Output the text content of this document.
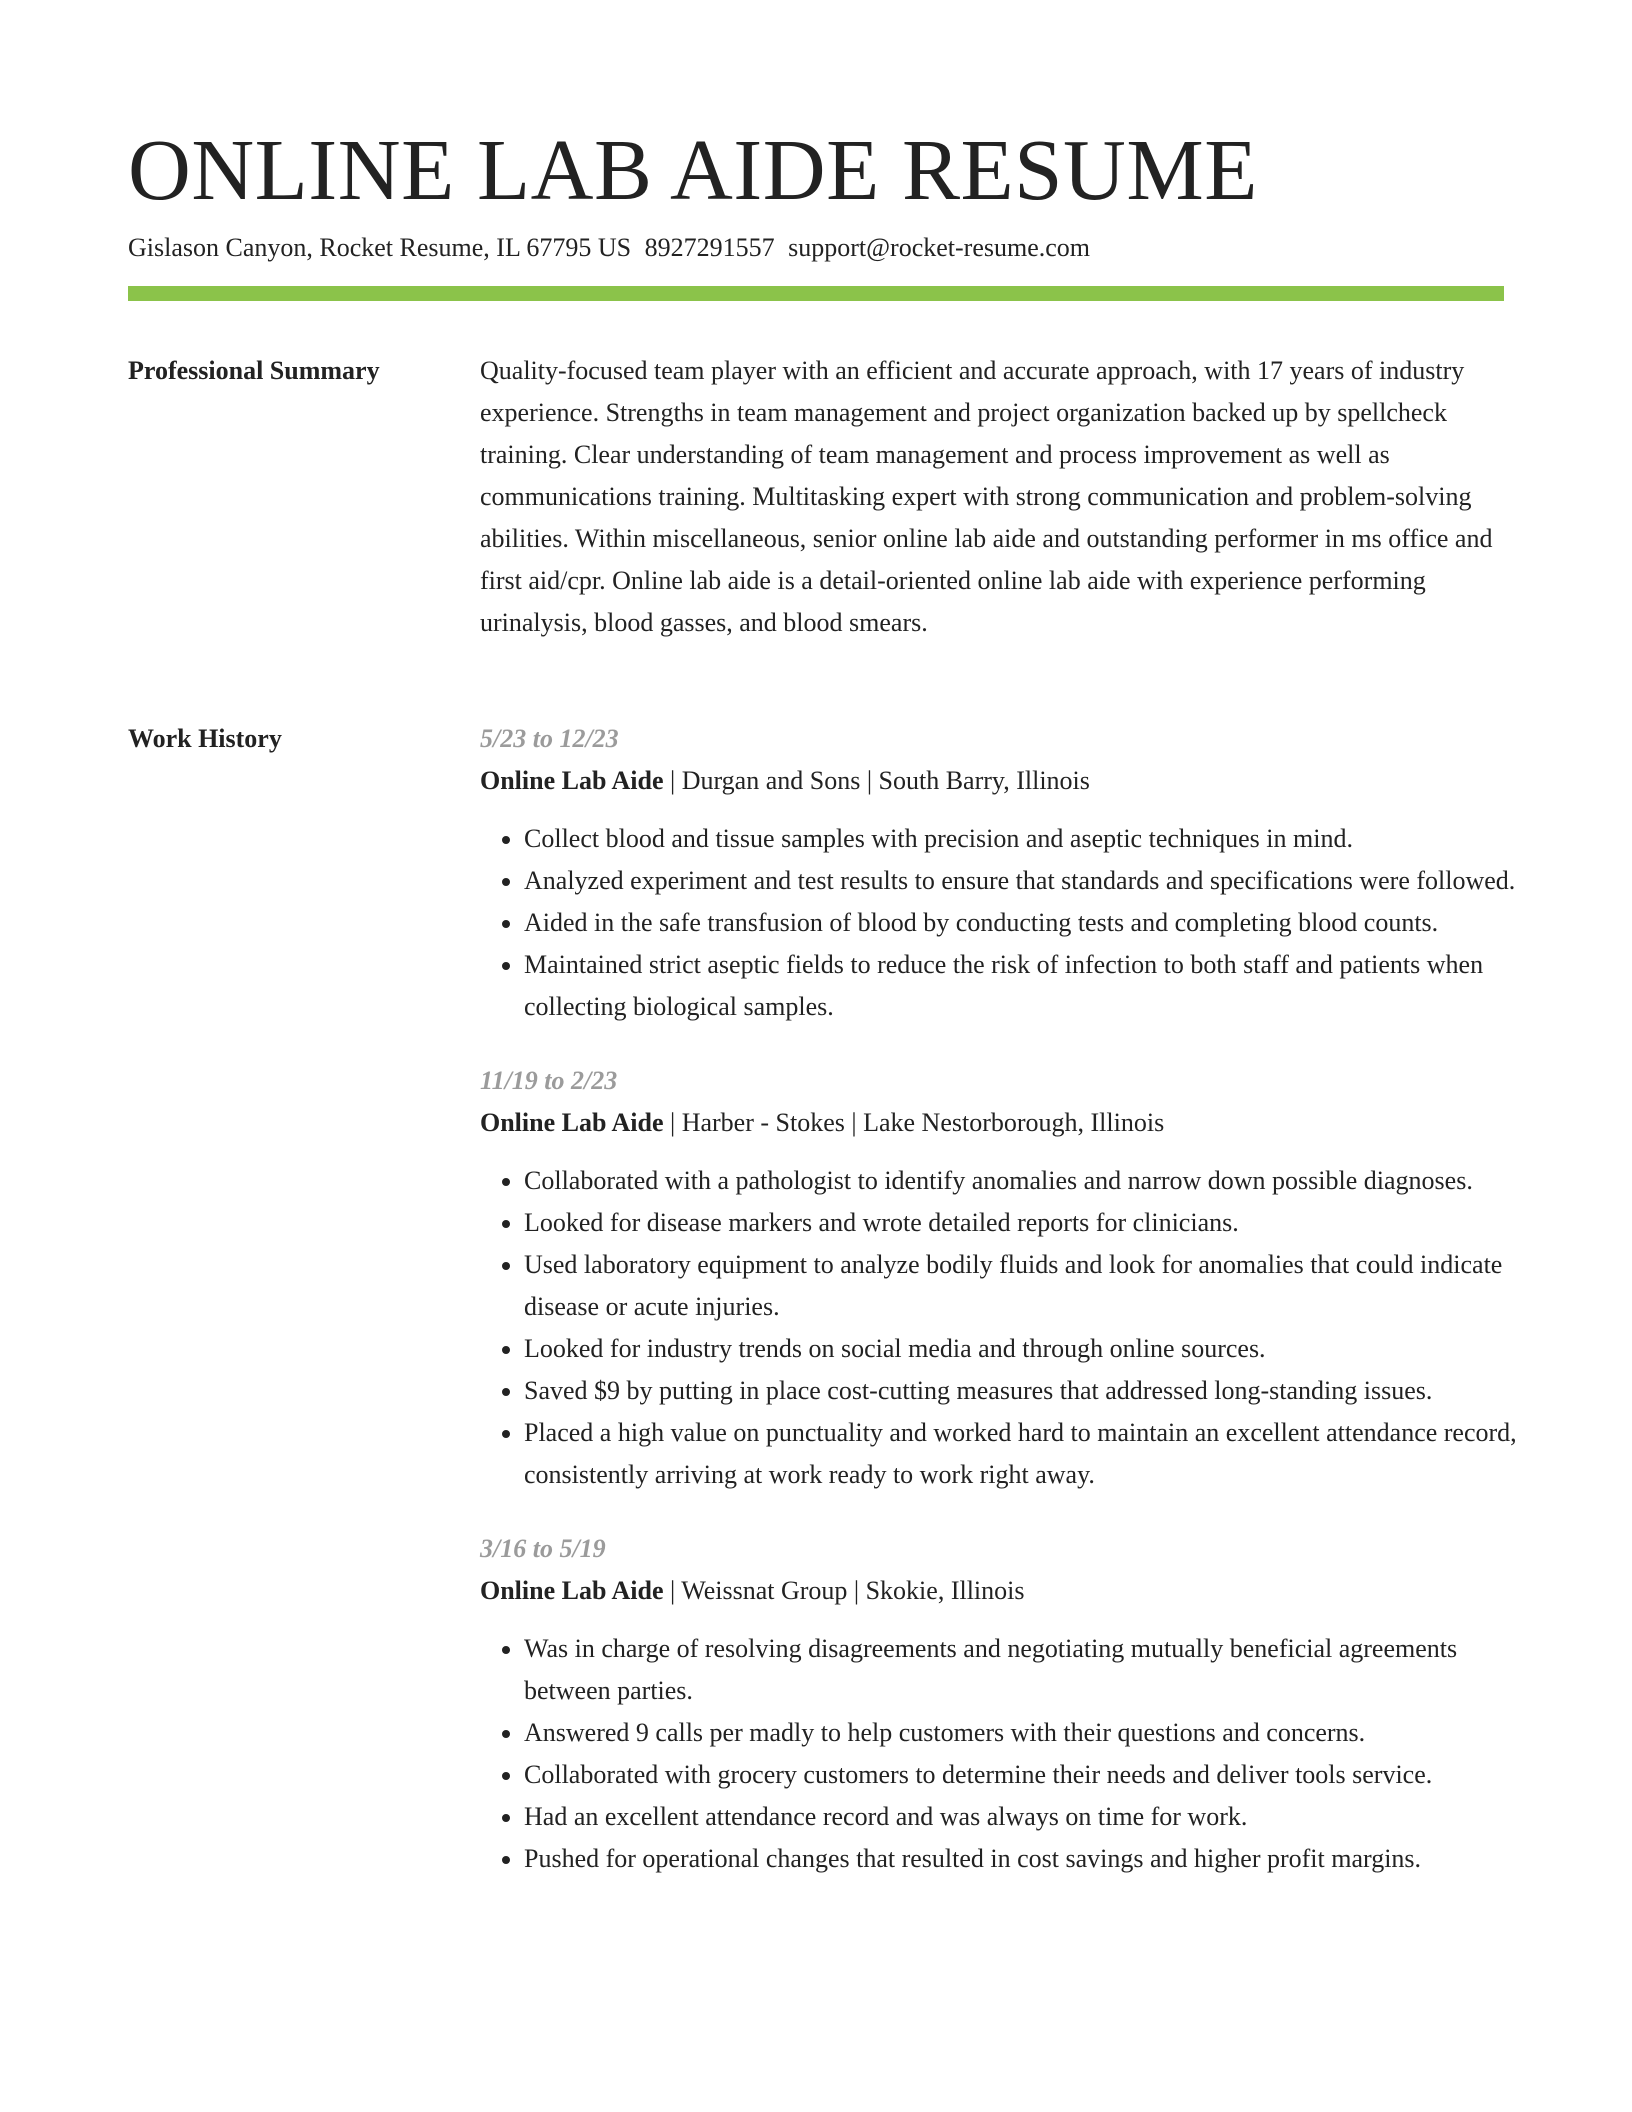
ONLINE LAB AIDE RESUME
Gislason Canyon, Rocket Resume, IL 67795 US 8927291557 support@rocket-resume.com
Professional Summary	Quality-focused team player with an efficient and accurate approach, with 17 years of industry experience. Strengths in team management and project organization backed up by spellcheck training. Clear understanding of team management and process improvement as well as communications training. Multitasking expert with strong communication and problem-solving abilities. Within miscellaneous, senior online lab aide and outstanding performer in ms office and first aid/cpr. Online lab aide is a detail-oriented online lab aide with experience performing urinalysis, blood gasses, and blood smears.

Work History	5/23 to 12/23
Online Lab Aide | Durgan and Sons | South Barry, Illinois
• Collect blood and tissue samples with precision and aseptic techniques in mind.
• Analyzed experiment and test results to ensure that standards and specifications were followed.
• Aided in the safe transfusion of blood by conducting tests and completing blood counts.
• Maintained strict aseptic fields to reduce the risk of infection to both staff and patients when collecting biological samples.
11/19 to 2/23
Online Lab Aide | Harber - Stokes | Lake Nestorborough, Illinois
• Collaborated with a pathologist to identify anomalies and narrow down possible diagnoses.
• Looked for disease markers and wrote detailed reports for clinicians.
• Used laboratory equipment to analyze bodily fluids and look for anomalies that could indicate disease or acute injuries.
• Looked for industry trends on social media and through online sources.
• Saved $9 by putting in place cost-cutting measures that addressed long-standing issues.
• Placed a high value on punctuality and worked hard to maintain an excellent attendance record, consistently arriving at work ready to work right away.
3/16 to 5/19
Online Lab Aide | Weissnat Group | Skokie, Illinois
• Was in charge of resolving disagreements and negotiating mutually beneficial agreements between parties.
• Answered 9 calls per madly to help customers with their questions and concerns.
• Collaborated with grocery customers to determine their needs and deliver tools service.
• Had an excellent attendance record and was always on time for work.
• Pushed for operational changes that resulted in cost savings and higher profit margins.
